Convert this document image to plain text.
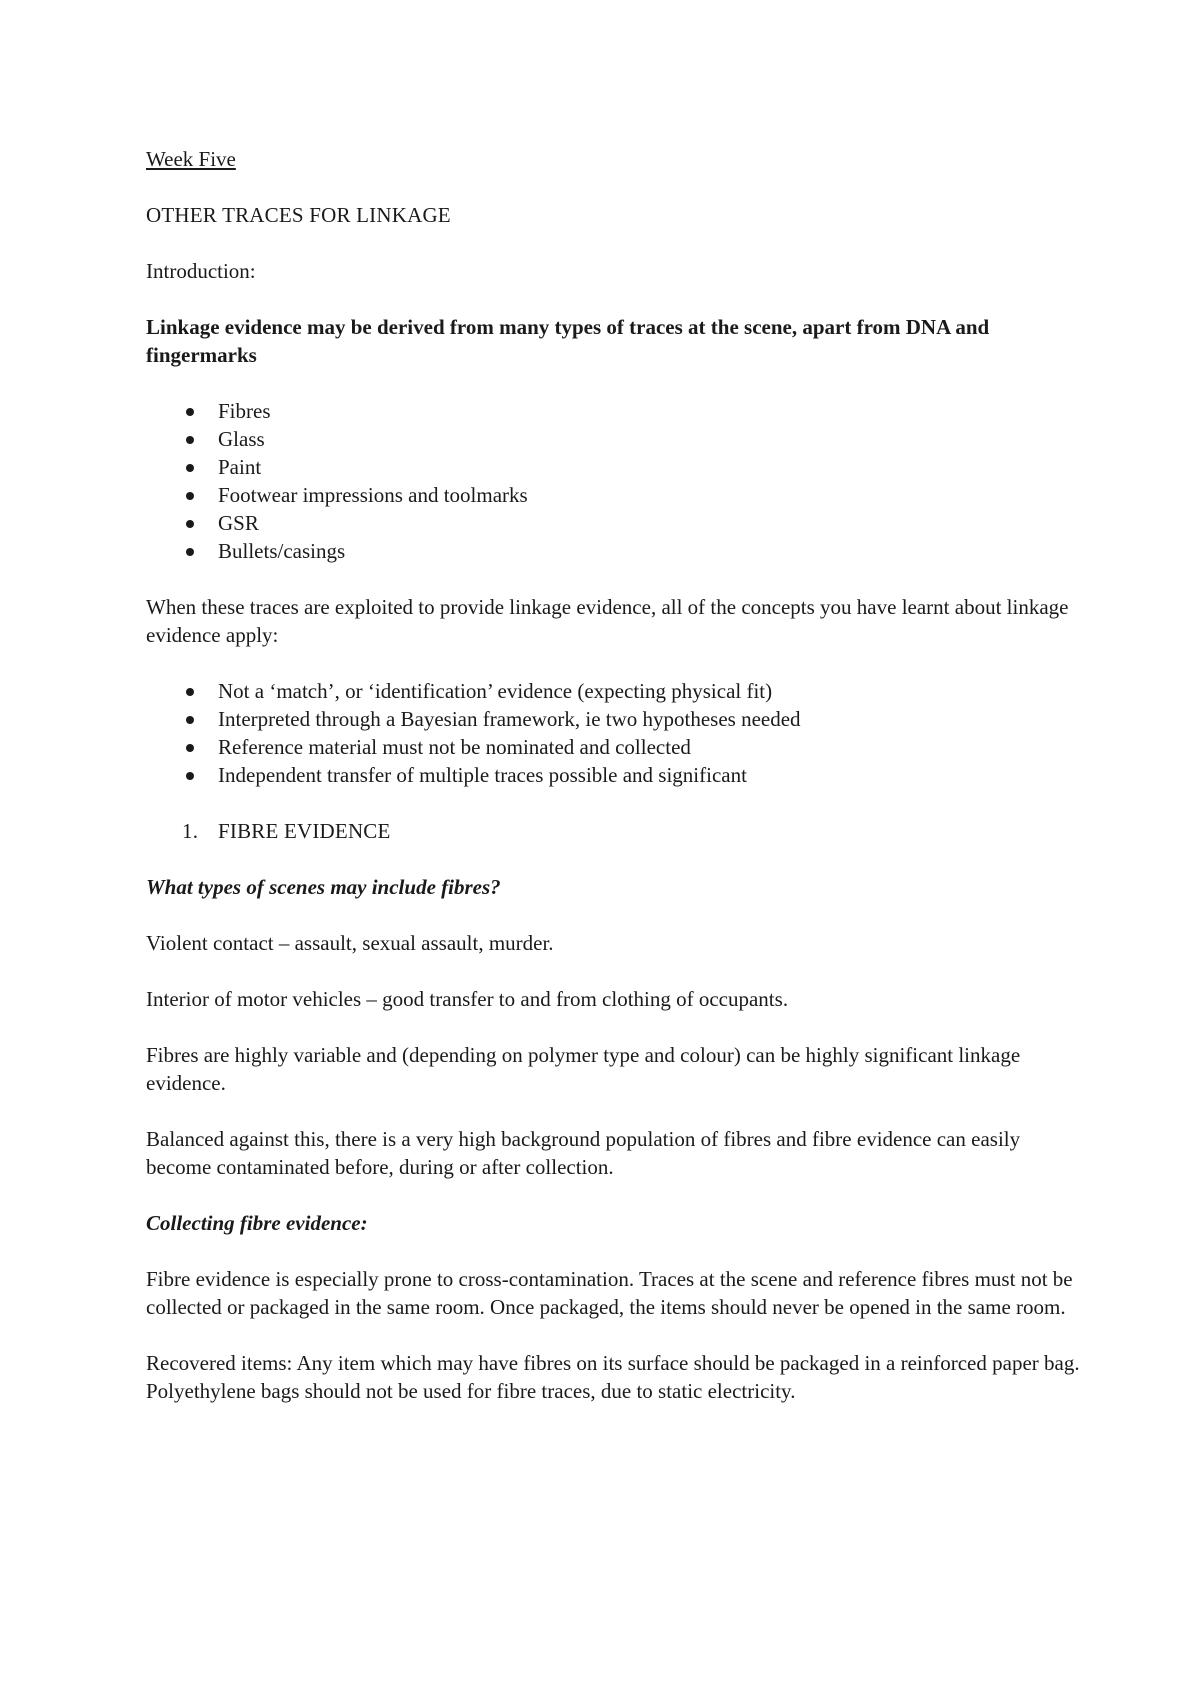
Week Five
OTHER TRACES FOR LINKAGE
Introduction:
Linkage evidence may be derived from many types of traces at the scene, apart from DNA and fingermarks
Fibres
Glass
Paint
Footwear impressions and toolmarks
GSR
Bullets/casings
When these traces are exploited to provide linkage evidence, all of the concepts you have learnt about linkage evidence apply:
Not a ‘match’, or ‘identification’ evidence (expecting physical fit)
Interpreted through a Bayesian framework, ie two hypotheses needed
Reference material must not be nominated and collected
Independent transfer of multiple traces possible and significant
1. FIBRE EVIDENCE
What types of scenes may include fibres?
Violent contact – assault, sexual assault, murder.
Interior of motor vehicles – good transfer to and from clothing of occupants.
Fibres are highly variable and (depending on polymer type and colour) can be highly significant linkage evidence.
Balanced against this, there is a very high background population of fibres and fibre evidence can easily become contaminated before, during or after collection.
Collecting fibre evidence:
Fibre evidence is especially prone to cross-contamination. Traces at the scene and reference fibres must not be collected or packaged in the same room. Once packaged, the items should never be opened in the same room.
Recovered items: Any item which may have fibres on its surface should be packaged in a reinforced paper bag. Polyethylene bags should not be used for fibre traces, due to static electricity.
